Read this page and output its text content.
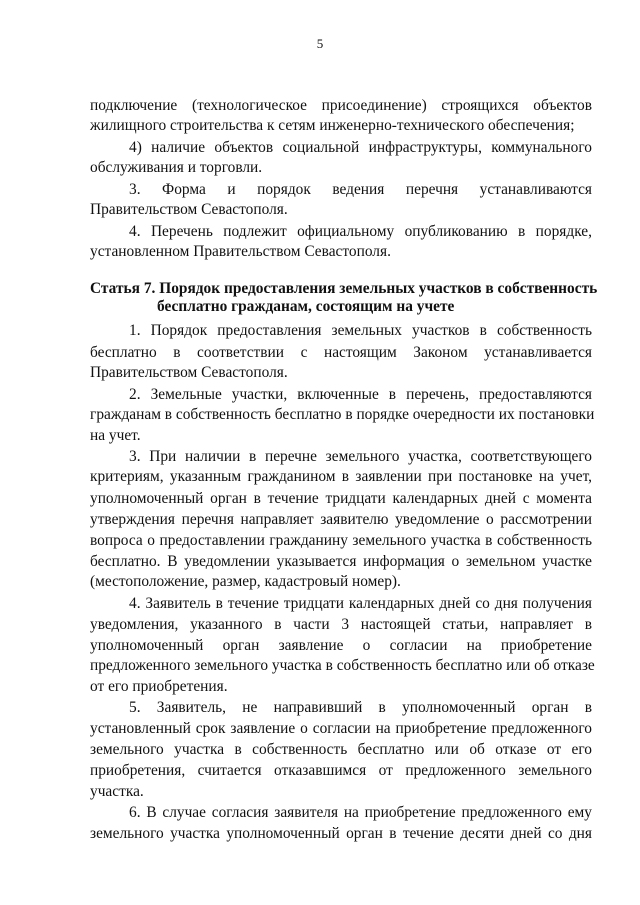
5
подключение (технологическое присоединение) строящихся объектов
жилищного строительства к сетям инженерно-технического обеспечения;
4) наличие объектов социальной инфраструктуры, коммунального
обслуживания и торговли.
3. Форма и порядок ведения перечня устанавливаются
Правительством Севастополя.
4. Перечень подлежит официальному опубликованию в порядке,
установленном Правительством Севастополя.
Статья 7. Порядок предоставления земельных участков в собственность
бесплатно гражданам, состоящим на учете
1. Порядок предоставления земельных участков в собственность
бесплатно в соответствии с настоящим Законом устанавливается
Правительством Севастополя.
2. Земельные участки, включенные в перечень, предоставляются
гражданам в собственность бесплатно в порядке очередности их постановки
на учет.
3. При наличии в перечне земельного участка, соответствующего
критериям, указанным гражданином в заявлении при постановке на учет,
уполномоченный орган в течение тридцати календарных дней с момента
утверждения перечня направляет заявителю уведомление о рассмотрении
вопроса о предоставлении гражданину земельного участка в собственность
бесплатно. В уведомлении указывается информация о земельном участке
(местоположение, размер, кадастровый номер).
4. Заявитель в течение тридцати календарных дней со дня получения
уведомления, указанного в части 3 настоящей статьи, направляет в
уполномоченный орган заявление о согласии на приобретение
предложенного земельного участка в собственность бесплатно или об отказе
от его приобретения.
5. Заявитель, не направивший в уполномоченный орган в
установленный срок заявление о согласии на приобретение предложенного
земельного участка в собственность бесплатно или об отказе от его
приобретения, считается отказавшимся от предложенного земельного
участка.
6. В случае согласия заявителя на приобретение предложенного ему
земельного участка уполномоченный орган в течение десяти дней со дня
